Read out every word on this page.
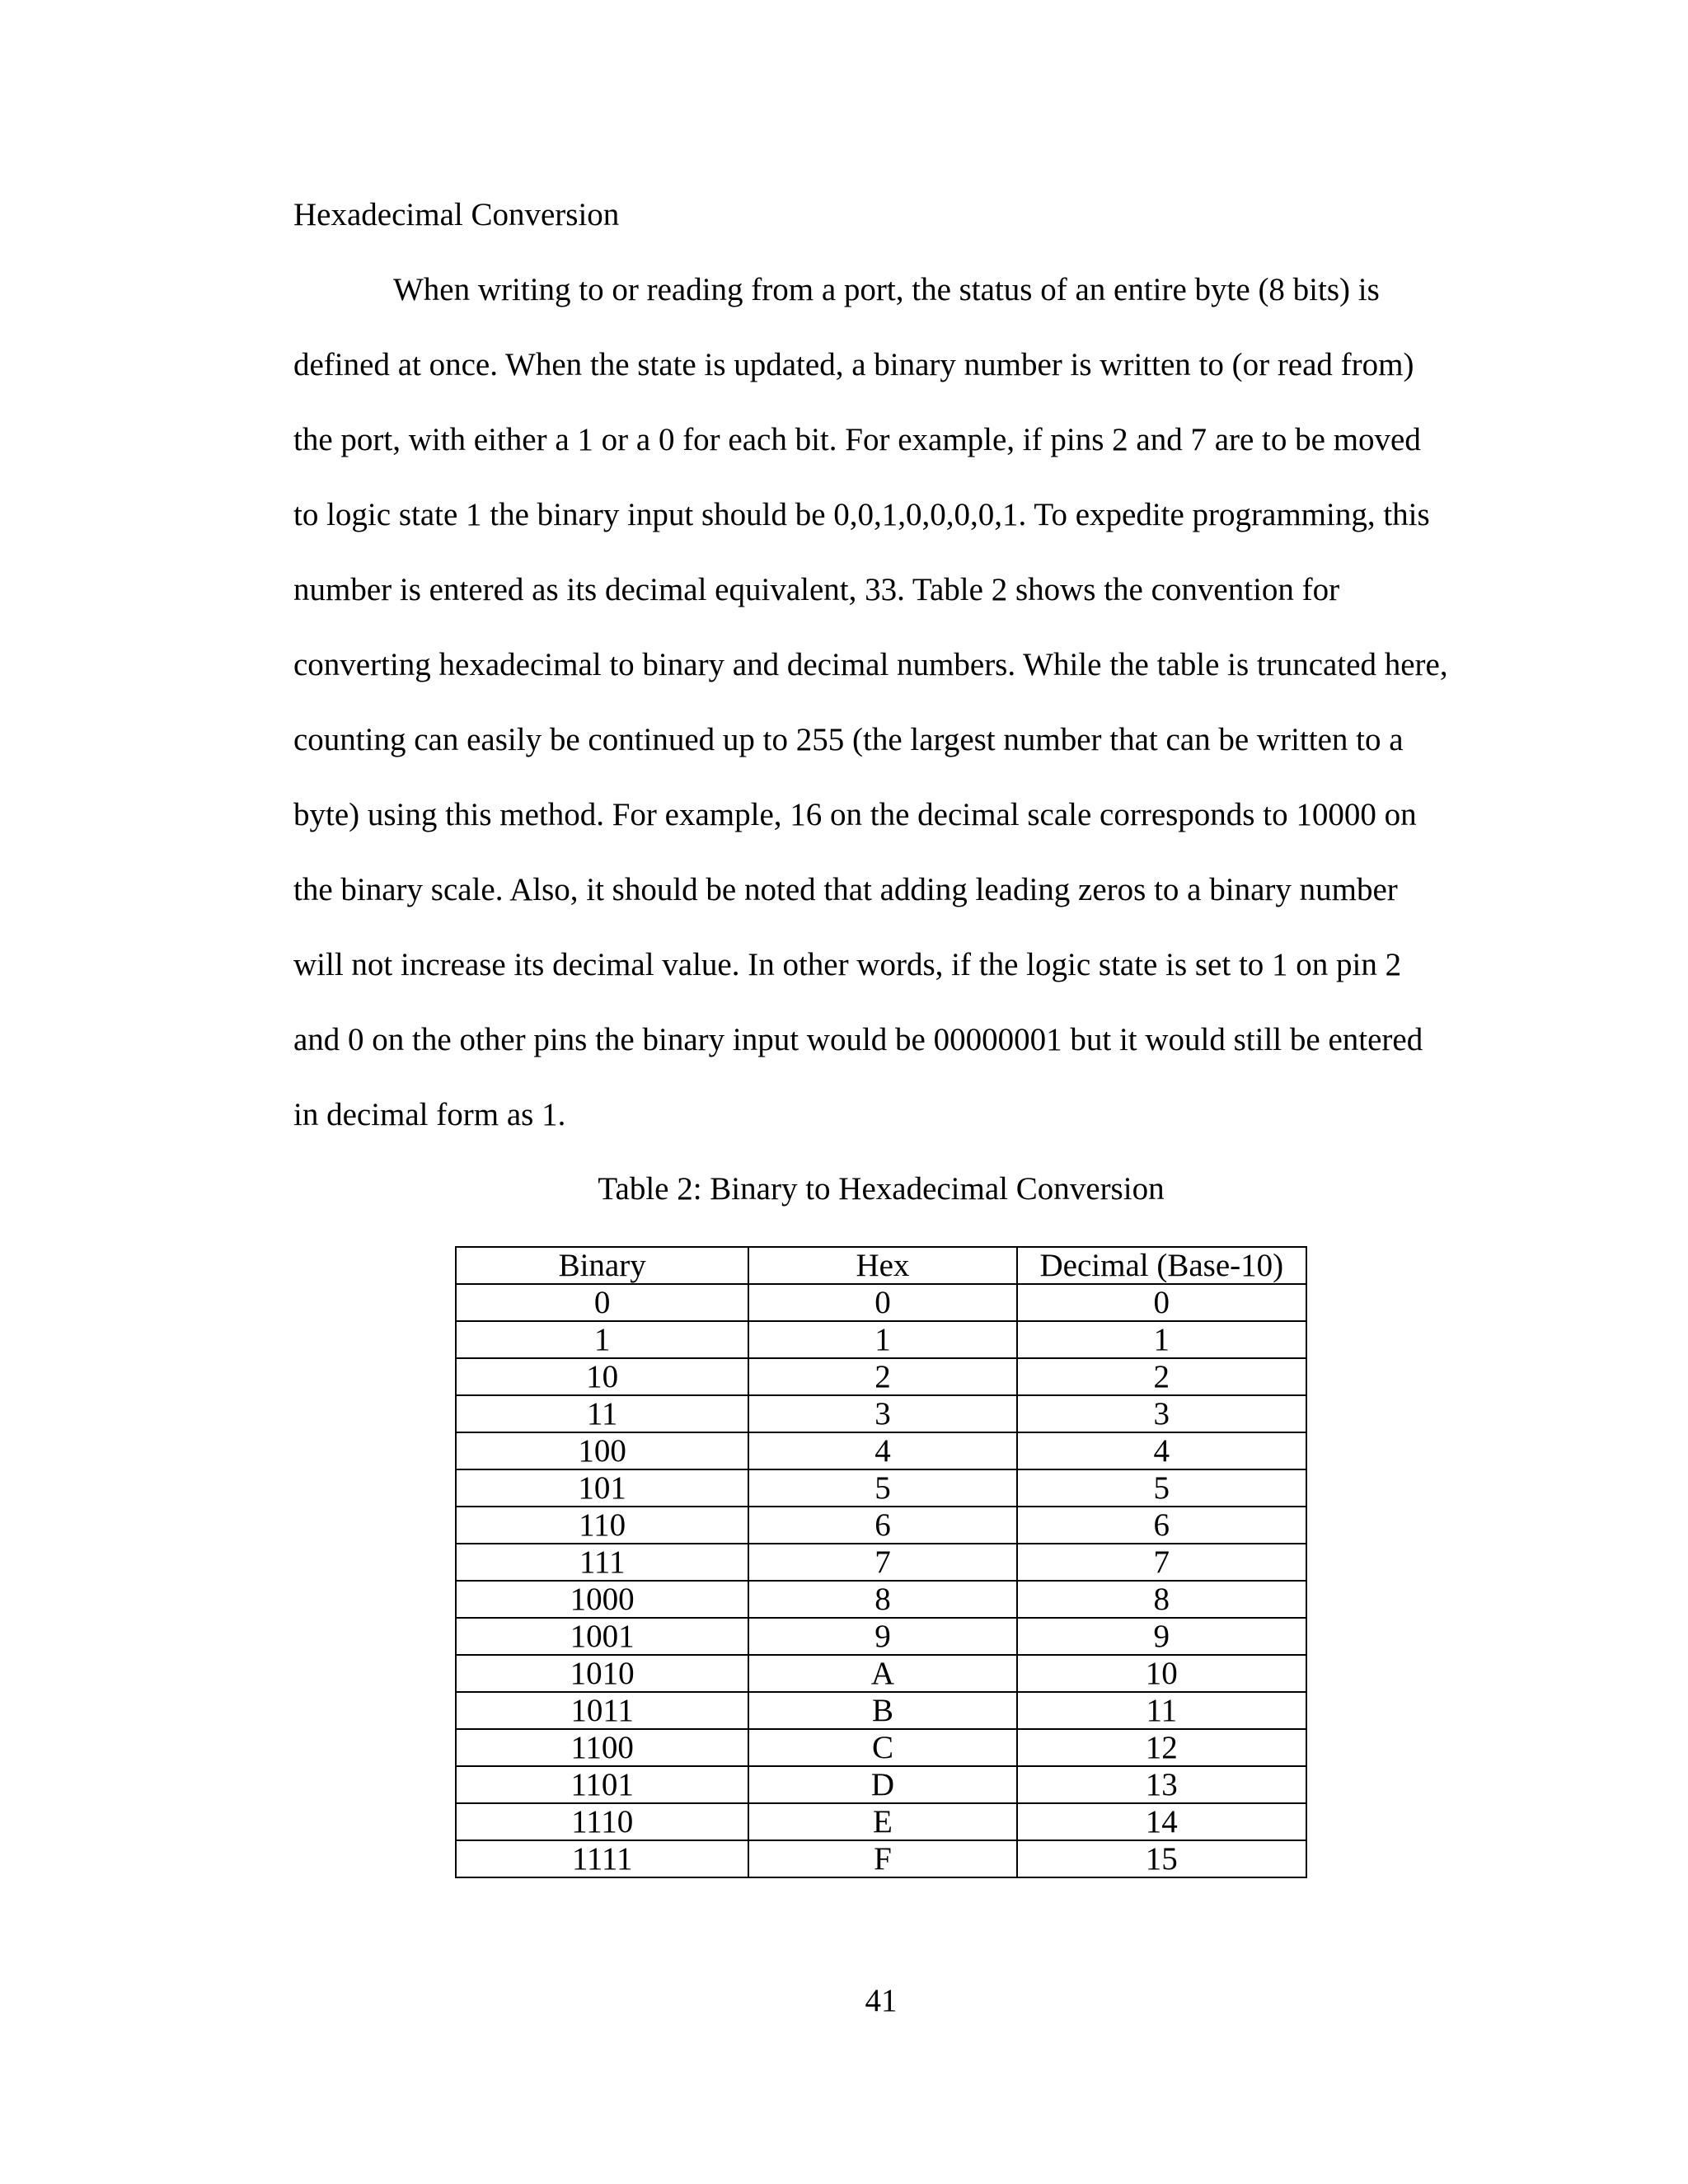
Hexadecimal Conversion
When writing to or reading from a port, the status of an entire byte (8 bits) is
defined at once. When the state is updated, a binary number is written to (or read from)
the port, with either a 1 or a 0 for each bit. For example, if pins 2 and 7 are to be moved
to logic state 1 the binary input should be 0,0,1,0,0,0,0,1. To expedite programming, this
number is entered as its decimal equivalent, 33. Table 2 shows the convention for
converting hexadecimal to binary and decimal numbers. While the table is truncated here,
counting can easily be continued up to 255 (the largest number that can be written to a
byte) using this method. For example, 16 on the decimal scale corresponds to 10000 on
the binary scale. Also, it should be noted that adding leading zeros to a binary number
will not increase its decimal value. In other words, if the logic state is set to 1 on pin 2
and 0 on the other pins the binary input would be 00000001 but it would still be entered
in decimal form as 1.
Table 2: Binary to Hexadecimal Conversion
Binary	Hex	Decimal (Base-10)
0	0	0
1	1	1
10	2	2
11	3	3
100	4	4
101	5	5
110	6	6
111	7	7
1000	8	8
1001	9	9
1010	A	10
1011	B	11
1100	C	12
1101	D	13
1110	E	14
1111	F	15
41
